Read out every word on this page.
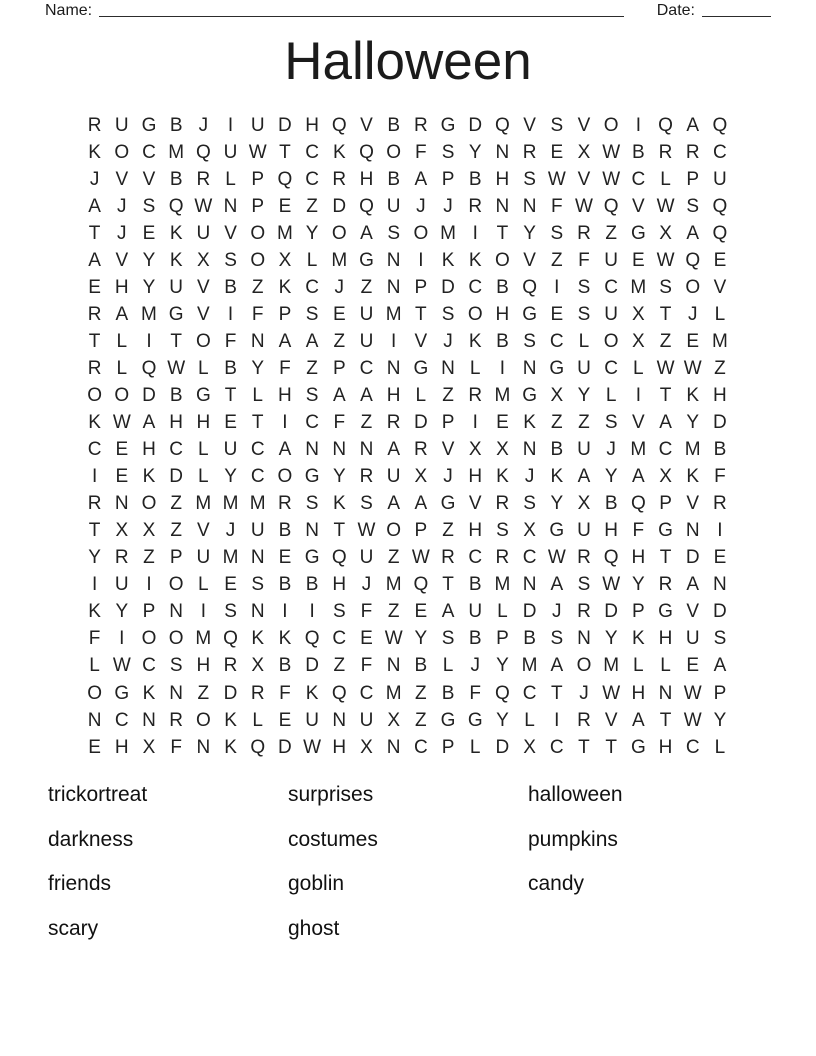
Name:	Date:
Halloween
R U G B J	I U D H Q V B R G D Q V S V O I Q A Q
K O C M Q U W T C K Q O F S Y N R E X W B R R C
J V V B R L P Q C R H B A P B H S W V W C L P U
A J S Q W N P E Z D Q U J J R N N F W Q V W S Q
T J E K U V O M Y O A S O M I T Y S R Z G X A Q
A V Y K X S O X L M G N I K K O V Z F U E W Q E
E H Y U V B Z K C J Z N P D C B Q I S C M S O V
R A M G V I F P S E U M T S O H G E S U X T J L
T L	I T O F N A A Z U I V J K B S C L O X Z E M
R L Q W L B Y F Z P C N G N L	I N G U C L W W Z
O O D B G T L H S A A H L Z R M G X Y L	I T K H
K W A H H E T I C F Z R D P I E K Z Z S V A Y D
C E H C L U C A N N N A R V X X N B U J M C M B
I E K D L Y C O G Y R U X J H K J K A Y A X K F
R N O Z M M M R S K S A A G V R S Y X B Q P V R
T X X Z V J U B N T W O P Z H S X G U H F G N I
Y R Z P U M N E G Q U Z W R C R C W R Q H T D E
I U I O L E S B B H J M Q T B M N A S W Y R A N
K Y P N I S N I	I S F Z E A U L D J R D P G V D
F I O O M Q K K Q C E W Y S B P B S N Y K H U S
L W C S H R X B D Z F N B L J Y M A O M L L E A
O G K N Z D R F K Q C M Z B F Q C T J W H N W P
N C N R O K L E U N U X Z G G Y L	I R V A T W Y
E H X F N K Q D W H X N C P L D X C T T G H C L
trickortreat
darkness
friends
scary
surprises
costumes
goblin
ghost
halloween
pumpkins
candy
